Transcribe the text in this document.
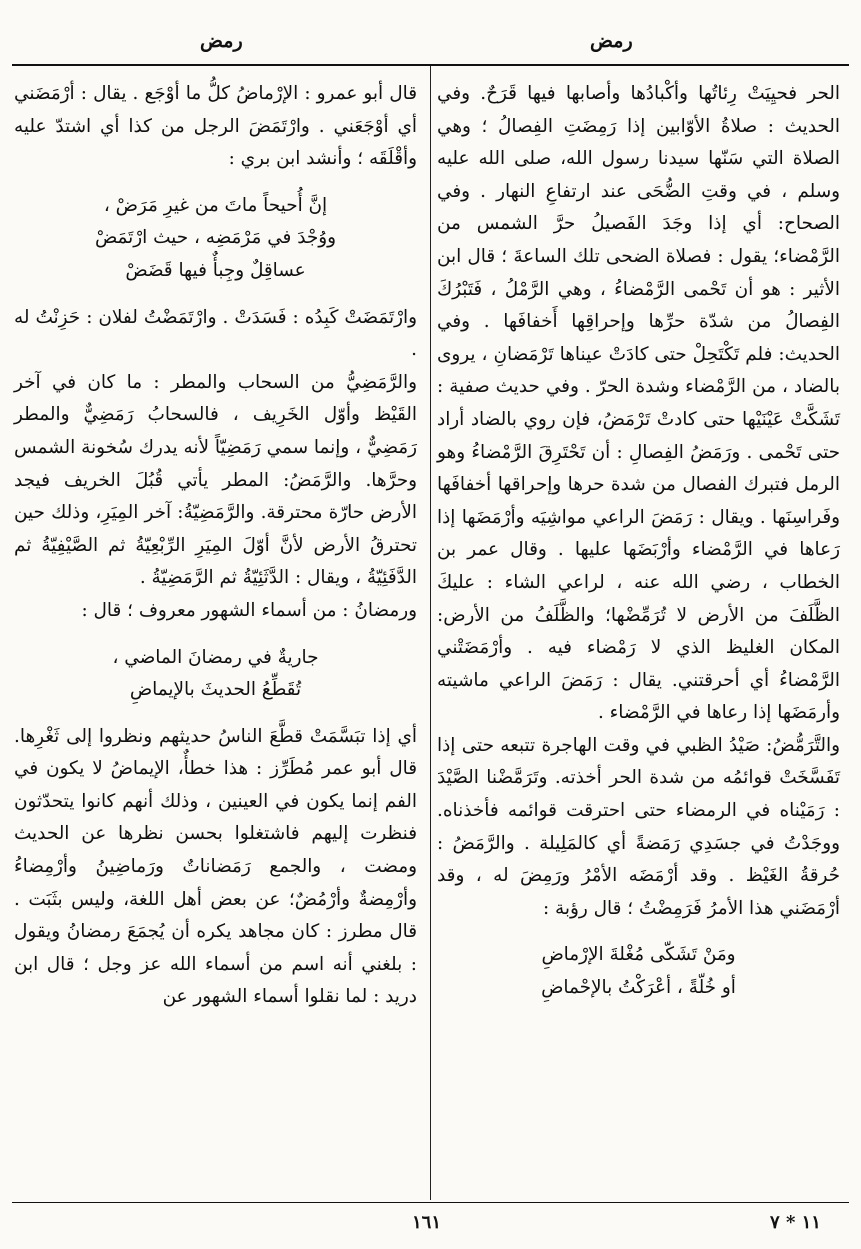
رمض
رمض

الحر فحيِيَتْ رِئاتُها وأكْبادُها وأصابها فيها قَرَحٌ. وفي الحديث : صلاةُ الأوّابين إذا رَمِضَتِ الفِصالُ ؛ وهي الصلاة التي سَنّها سيدنا رسول الله، صلى الله عليه وسلم ، في وقتِ الضُّحَى عند ارتفاعِ النهار . وفي الصحاح: أي إذا وجَدَ الفَصيلُ حرَّ الشمس من الرَّمْضاء؛ يقول : فصلاة الضحى تلك الساعةَ ؛ قال ابن الأثير : هو أن تَحْمى الرَّمْضاءُ ، وهي الرَّمْلُ ، فَتَبْرُكَ الفِصالُ من شدّة حرِّها وإحراقِها أَخفافَها . وفي الحديث: فلم تَكْتَحِلْ حتى كادَتْ عيناها تَرْمَضانِ ، يروى بالضاد ، من الرَّمْضاء وشدة الحرّ . وفي حديث صفية : تَشَكَّتْ عَيْنَيْها حتى كادتْ تَرْمَضُ، فإن روي بالضاد أراد حتى تَحْمى . ورَمَضُ الفِصالِ : أن تَحْتَرِقَ الرَّمْضاءُ وهو الرمل فتبرك الفصال من شدة حرها وإحراقها أخفافَها وفَراسِنَها . ويقال : رَمَضَ الراعي مواشِيَه وأرْمَضَها إذا رَعاها في الرَّمْضاء وأرْبَضَها عليها . وقال عمر بن الخطاب ، رضي الله عنه ، لراعي الشاء : عليكَ الظَّلَفَ من الأرض لا تُرَمِّضْها؛ والظَّلَفُ من الأرض: المكان الغليظ الذي لا رَمْضاء فيه . وأرْمَضَتْني الرَّمْضاءُ أي أحرقتني. يقال : رَمَضَ الراعي ماشيته وأرمَضَها إذا رعاها في الرَّمْضاء .

والتَّرَمُّضُ: صَيْدُ الظبي في وقت الهاجرة تتبعه حتى إذا تَفَسَّخَتْ قوائمُه من شدة الحر أخذته. وتَرَمَّضْنا الصَّيْدَ : رَمَيْناه في الرمضاء حتى احترقت قوائمه فأخذناه. ووجَدْتُ في جسَدِي رَمَضةً أي كالمَلِيلة . والرَّمَضُ : حُرقةُ الغَيْظ . وقد أرْمَضَه الأمْرُ ورَمِضَ له ، وقد أرْمَضَني هذا الأمرُ فَرَمِضْتُ ؛ قال رؤبة :

ومَنْ تَشَكّى مُغْلةَ الإرْماضِ

أو خُلّةً ، أعْرَكْتُ بالإحْماضِ

قال أبو عمرو : الإرْماضُ كلُّ ما أوْجَع . يقال : أرْمَضَني أي أوْجَعَني . وارْتَمَضَ الرجل من كذا أي اشتدّ عليه وأقْلَقَه ؛ وأنشد ابن بري :

إنَّ أُحيحاً ماتَ من غيرِ مَرَضْ ،

ووُجْدَ في مَرْمَضِه ، حيث ارْتَمَضْ

عساقِلٌ وجِبأٌ فيها قَضَضْ

وارْتَمَضَتْ كَبِدُه : فَسَدَتْ . وارْتَمَضْتُ لفلان : حَزِنْتُ له .

والرَّمَضِيُّ من السحاب والمطر : ما كان في آخر القَيْظ وأوّل الخَرِيف ، فالسحابُ رَمَضِيٌّ والمطر رَمَضِيٌّ ، وإنما سمي رَمَضِيّاً لأنه يدرك سُخونة الشمس وحرَّها. والرَّمَضُ: المطر يأتي قُبُلَ الخريف فيجد الأرض حارّة محترقة. والرَّمَضِيّةُ: آخر المِيَرِ، وذلك حين تحترقُ الأرض لأنَّ أوّلَ المِيَرِ الرِّبْعِيّةُ ثم الصَّيْفِيّةُ ثم الدَّفَئِيّةُ ، ويقال : الدَّثَئِيّةُ ثم الرَّمَضِيّةُ .

ورمضانُ : من أسماء الشهور معروف ؛ قال :

جاريةٌ في رمضانَ الماضي ،

تُقَطِّعُ الحديثَ بالإيماضِ

أي إذا تبَسَّمَتْ قطَّعَ الناسُ حديثهم ونظروا إلى ثَغْرِها. قال أبو عمر مُطَرِّز : هذا خطأٌ، الإيماضُ لا يكون في الفم إنما يكون في العينين ، وذلك أنهم كانوا يتحدّثون فنظرت إليهم فاشتغلوا بحسن نظرها عن الحديث ومضت ، والجمع رَمَضاناتٌ ورَماضِينُ وأرْمِضاءُ وأرْمِضةٌ وأرْمُضٌ؛ عن بعض أهل اللغة، وليس بثَبَت . قال مطرز : كان مجاهد يكره أن يُجمَعَ رمضانُ ويقول : بلغني أنه اسم من أسماء الله عز وجل ؛ قال ابن دريد : لما نقلوا أسماء الشهور عن

١٦١	١١ * ٧
